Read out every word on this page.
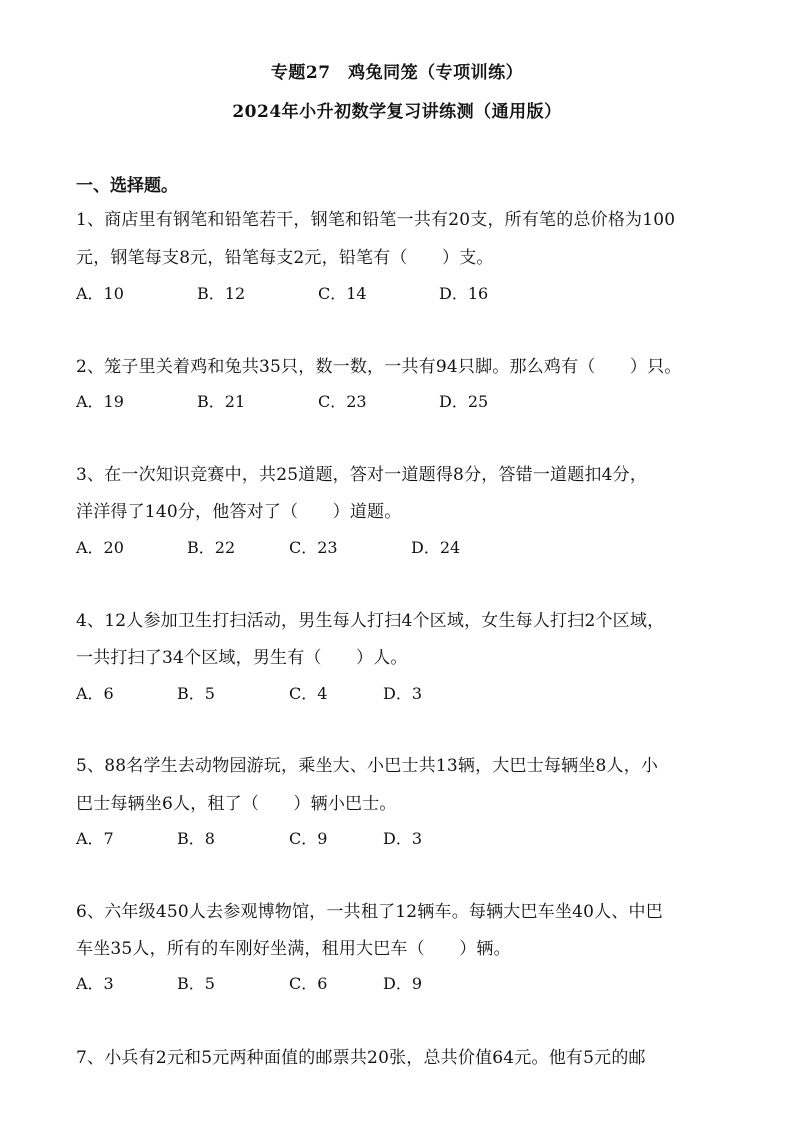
专题27　鸡兔同笼（专项训练）
2024年小升初数学复习讲练测（通用版）
一、选择题。
1、商店里有钢笔和铅笔若干，钢笔和铅笔一共有20支，所有笔的总价格为100
元，钢笔每支8元，铅笔每支2元，铅笔有（　　）支。
A．10	B．12	C．14	D．16
2、笼子里关着鸡和兔共35只，数一数，一共有94只脚。那么鸡有（　　）只。
A．19	B．21	C．23	D．25
3、在一次知识竞赛中，共25道题，答对一道题得8分，答错一道题扣4分，
洋洋得了140分，他答对了（　　）道题。
A．20	B．22	C．23	D．24
4、12人参加卫生打扫活动，男生每人打扫4个区域，女生每人打扫2个区域，
一共打扫了34个区域，男生有（　　）人。
A．6	B．5	C．4	D．3
5、88名学生去动物园游玩，乘坐大、小巴士共13辆，大巴士每辆坐8人，小
巴士每辆坐6人，租了（　　）辆小巴士。
A．7	B．8	C．9	D．3
6、六年级450人去参观博物馆，一共租了12辆车。每辆大巴车坐40人、中巴
车坐35人，所有的车刚好坐满，租用大巴车（　　）辆。
A．3	B．5	C．6	D．9
7、小兵有2元和5元两种面值的邮票共20张，总共价值64元。他有5元的邮
